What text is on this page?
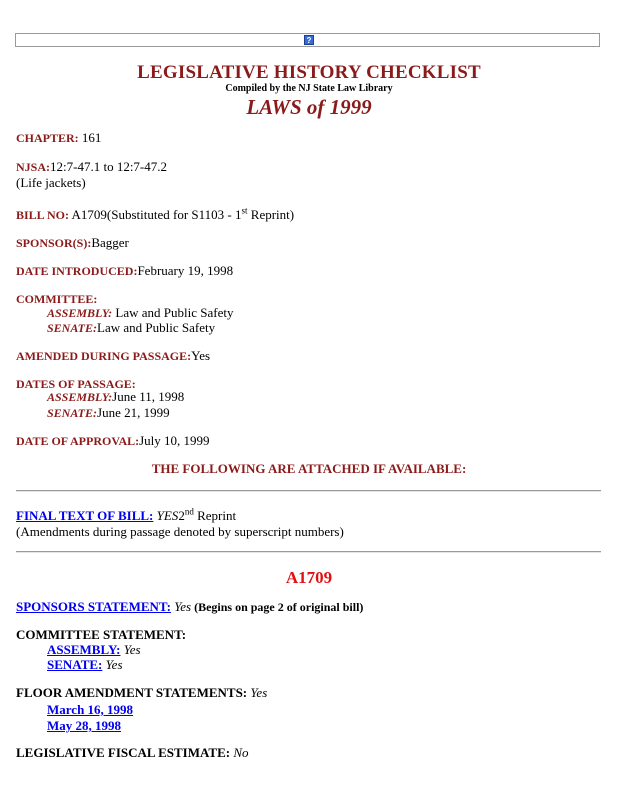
?
LEGISLATIVE HISTORY CHECKLIST
Compiled by the NJ State Law Library
LAWS of 1999
CHAPTER: 161
NJSA:12:7-47.1 to 12:7-47.2
(Life jackets)
BILL NO: A1709(Substituted for S1103 - 1st Reprint)
SPONSOR(S):Bagger
DATE INTRODUCED:February 19, 1998
COMMITTEE:
ASSEMBLY: Law and Public Safety
SENATE:Law and Public Safety
AMENDED DURING PASSAGE:Yes
DATES OF PASSAGE:
ASSEMBLY:June 11, 1998
SENATE:June 21, 1999
DATE OF APPROVAL:July 10, 1999
THE FOLLOWING ARE ATTACHED IF AVAILABLE:
FINAL TEXT OF BILL: YES2nd Reprint
(Amendments during passage denoted by superscript numbers)
A1709
SPONSORS STATEMENT: Yes (Begins on page 2 of original bill)
COMMITTEE STATEMENT:
ASSEMBLY: Yes
SENATE: Yes
FLOOR AMENDMENT STATEMENTS: Yes
March 16, 1998
May 28, 1998
LEGISLATIVE FISCAL ESTIMATE: No
